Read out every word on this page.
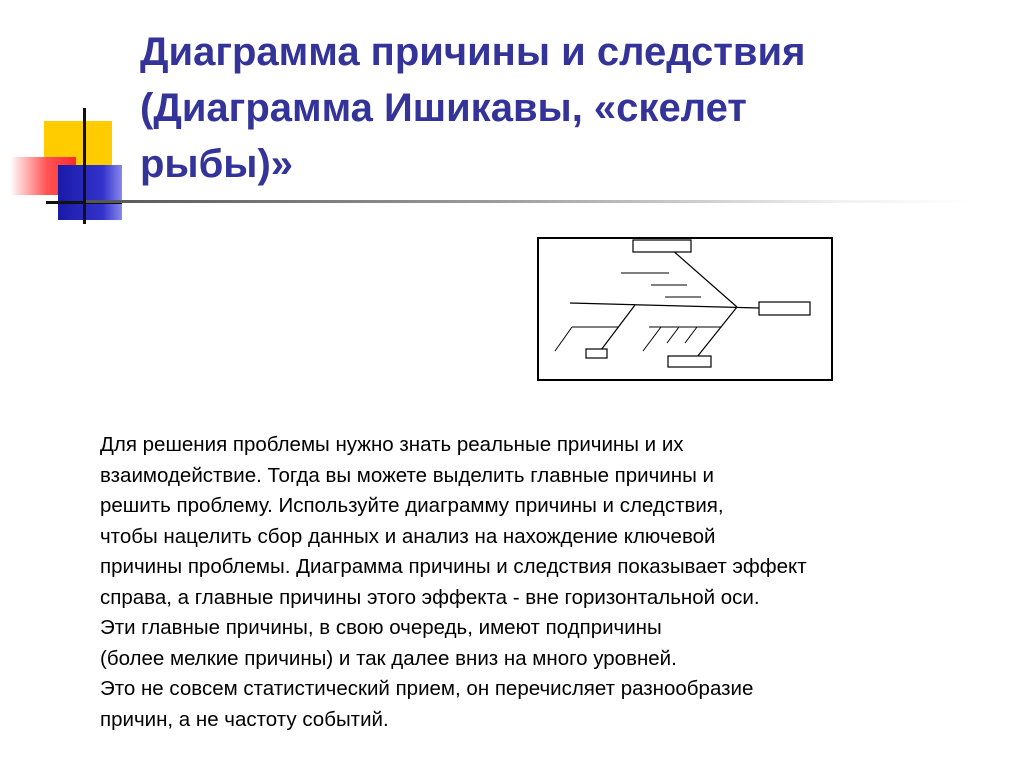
Диаграмма причины и следствия
(Диаграмма Ишикавы, «скелет
рыбы)»
Для решения проблемы нужно знать реальные причины и их
взаимодействие. Тогда вы можете выделить главные причины и
решить проблему. Используйте диаграмму причины и следствия,
чтобы нацелить сбор данных и анализ на нахождение ключевой
причины проблемы. Диаграмма причины и следствия показывает эффект
справа, а главные причины этого эффекта - вне горизонтальной оси.
Эти главные причины, в свою очередь, имеют подпричины
(более мелкие причины) и так далее вниз на много уровней.
Это не совсем статистический прием, он перечисляет разнообразие
причин, а не частоту событий.
